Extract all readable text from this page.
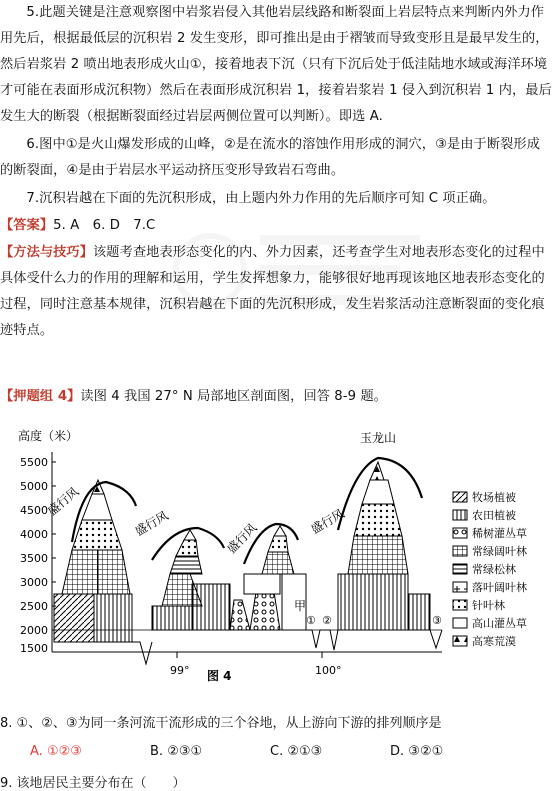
5.此题关键是注意观察图中岩浆岩侵入其他岩层线路和断裂面上岩层特点来判断内外力作用先后，根据最低层的沉积岩 2 发生变形，即可推出是由于褶皱而导致变形且是最早发生的，然后岩浆岩 2 喷出地表形成火山①，接着地表下沉（只有下沉后处于低洼陆地水域或海洋环境才可能在表面形成沉积物）然后在表面形成沉积岩 1，接着岩浆岩 1 侵入到沉积岩 1 内，最后发生大的断裂（根据断裂面经过岩层两侧位置可以判断）。即选 A.
6.图中①是火山爆发形成的山峰，②是在流水的溶蚀作用形成的洞穴，③是由于断裂形成的断裂面，④是由于岩层水平运动挤压变形导致岩石弯曲。
7.沉积岩越在下面的先沉积形成，由上题内外力作用的先后顺序可知 C 项正确。
【答案】5. A　6. D　7.C
【方法与技巧】该题考查地表形态变化的内、外力因素，还考查学生对地表形态变化的过程中具体受什么力的作用的理解和运用，学生发挥想象力，能够很好地再现该地区地表形态变化的过程，同时注意基本规律，沉积岩越在下面的先沉积形成，发生岩浆活动注意断裂面的变化痕迹特点。
【押题组 4】读图 4 我国 27° N 局部地区剖面图，回答 8-9 题。
高度（米）
5500
5000
4500
4000
3500
3000
2500
2000
1500
99°	100°
图 4
甲
① ②
玉龙山
③
盛行风
盛行风	盛行风	盛行风
牧场植被
农田植被
稀树灌丛草
常绿阔叶林
常绿松林
落叶阔叶林
针叶林
高山灌丛草
高寒荒漠
8. ①、②、③为同一条河流干流形成的三个谷地，从上游向下游的排列顺序是
A. ①②③	B. ②③①	C. ②①③	D. ③②①
9. 该地居民主要分布在（　　）
